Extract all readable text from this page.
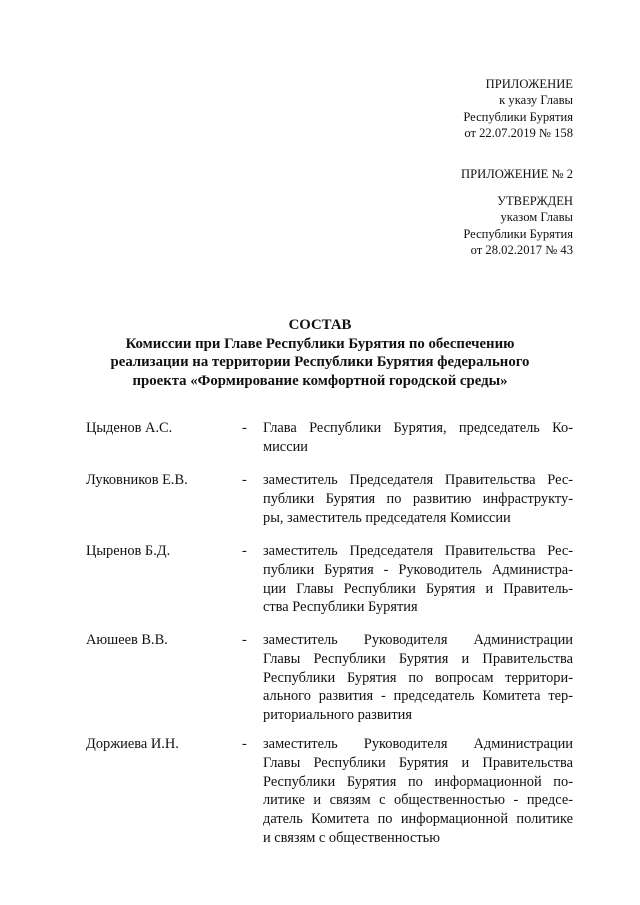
ПРИЛОЖЕНИЕ
к указу Главы
Республики Бурятия
от 22.07.2019 № 158
ПРИЛОЖЕНИЕ № 2
УТВЕРЖДЕН
указом Главы
Республики Бурятия
от 28.02.2017 № 43
СОСТАВ
Комиссии при Главе Республики Бурятия по обеспечению
реализации на территории Республики Бурятия федерального
проекта «Формирование комфортной городской среды»
Цыденов А.С.	- Глава Республики Бурятия, председатель Ко-
миссии
Луковников Е.В.	- заместитель Председателя Правительства Рес-
публики Бурятия по развитию инфраструкту-
ры, заместитель председателя Комиссии
Цыренов Б.Д.	- заместитель Председателя Правительства Рес-
публики Бурятия - Руководитель Администра-
ции Главы Республики Бурятия и Правитель-
ства Республики Бурятия
Аюшеев В.В.	- заместитель Руководителя Администрации
Главы Республики Бурятия и Правительства
Республики Бурятия по вопросам территори-
ального развития - председатель Комитета тер-
риториального развития
Доржиева И.Н.	- заместитель Руководителя Администрации
Главы Республики Бурятия и Правительства
Республики Бурятия по информационной по-
литике и связям с общественностью - предсе-
датель Комитета по информационной политике
и связям с общественностью
